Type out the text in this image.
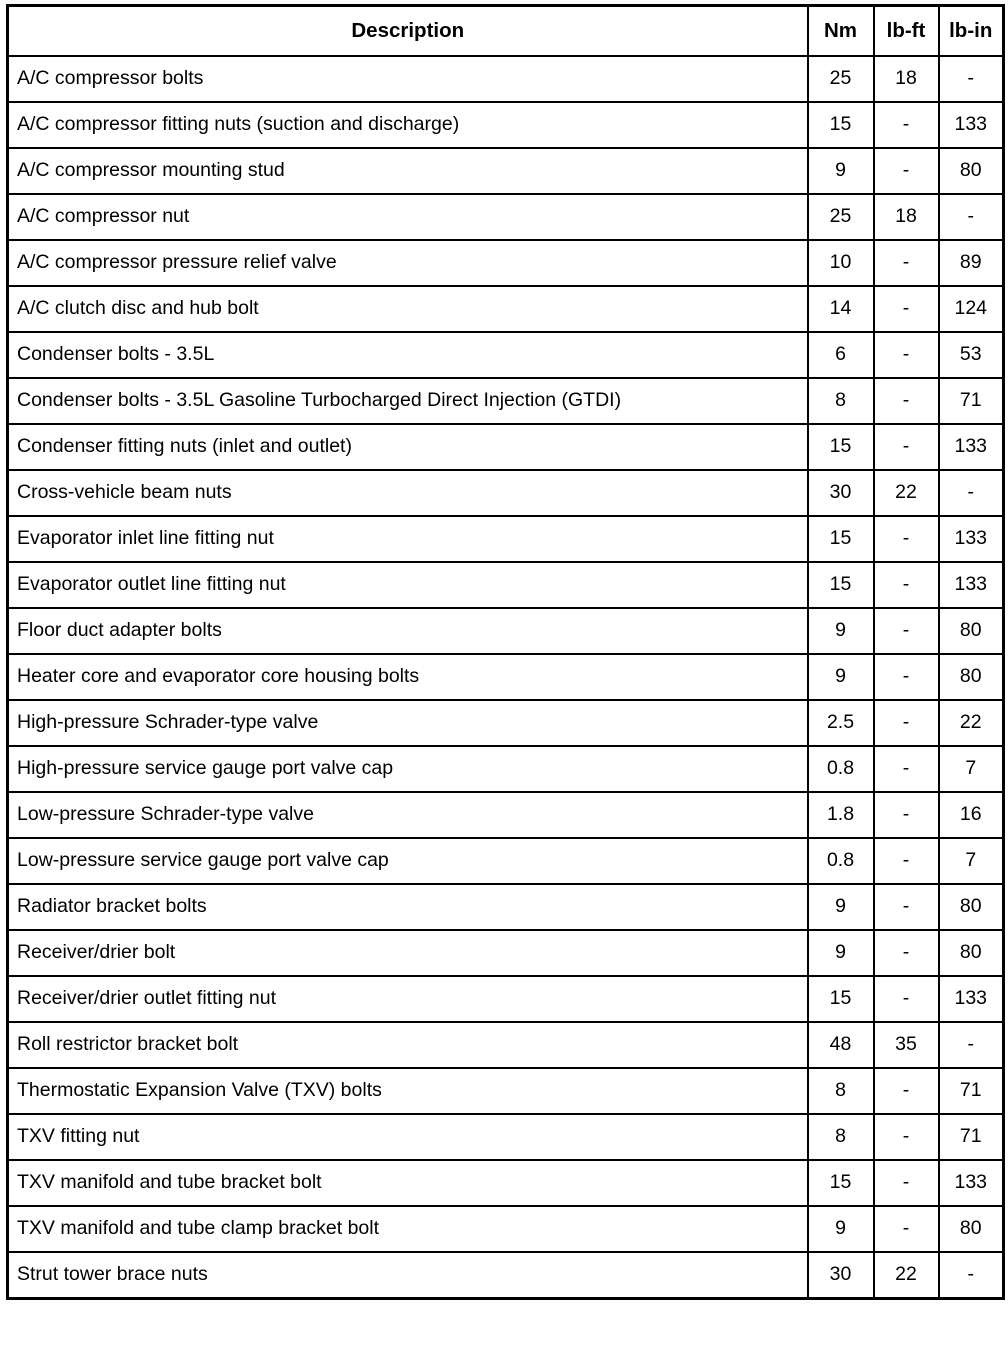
Description	Nm	lb-ft	lb-in
A/C compressor bolts	25	18	-
A/C compressor fitting nuts (suction and discharge)	15	-	133
A/C compressor mounting stud	9	-	80
A/C compressor nut	25	18	-
A/C compressor pressure relief valve	10	-	89
A/C clutch disc and hub bolt	14	-	124
Condenser bolts - 3.5L	6	-	53
Condenser bolts - 3.5L Gasoline Turbocharged Direct Injection (GTDI)	8	-	71
Condenser fitting nuts (inlet and outlet)	15	-	133
Cross-vehicle beam nuts	30	22	-
Evaporator inlet line fitting nut	15	-	133
Evaporator outlet line fitting nut	15	-	133
Floor duct adapter bolts	9	-	80
Heater core and evaporator core housing bolts	9	-	80
High-pressure Schrader-type valve	2.5	-	22
High-pressure service gauge port valve cap	0.8	-	7
Low-pressure Schrader-type valve	1.8	-	16
Low-pressure service gauge port valve cap	0.8	-	7
Radiator bracket bolts	9	-	80
Receiver/drier bolt	9	-	80
Receiver/drier outlet fitting nut	15	-	133
Roll restrictor bracket bolt	48	35	-
Thermostatic Expansion Valve (TXV) bolts	8	-	71
TXV fitting nut	8	-	71
TXV manifold and tube bracket bolt	15	-	133
TXV manifold and tube clamp bracket bolt	9	-	80
Strut tower brace nuts	30	22	-
